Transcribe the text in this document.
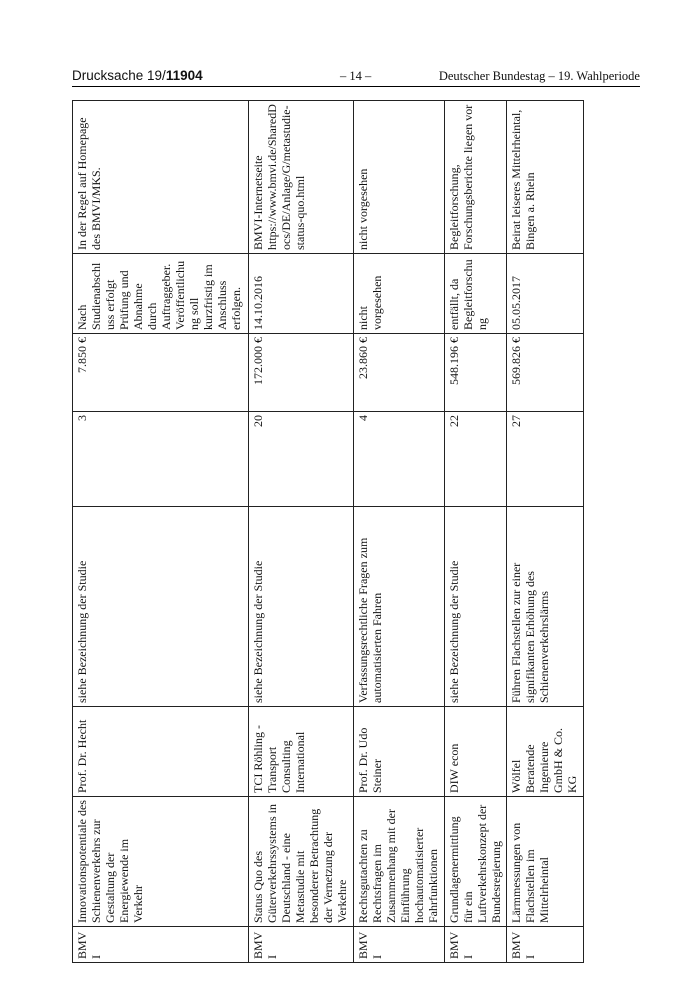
Drucksache 19/11904	– 14 –	Deutscher Bundestag – 19. Wahlperiode
BMVI	Innovationspotentiale des Schienenverkehrs zur Gestaltung der Energiewende im Verkehr	Prof. Dr. Hecht	siehe Bezeichnung der Studie	3	7.850 €	Nach Studienabschluss erfolgt Prüfung und Abnahme durch Auftraggeber. Veröffentlichung soll kurzfristig im Anschluss erfolgen.	In der Regel auf Homepage des BMVI/MKS.
BMVI	Status Quo des Güterverkehrssystems in Deutschland - eine Metastudie mit besonderer Betrachtung der Vernetzung der Verkehre	TCI Röhling - Transport Consulting International	siehe Bezeichnung der Studie	20	172.000 €	14.10.2016	BMVI-Internetseite https://www.bmvi.de/SharedDocs/DE/Anlage/G/metastudie-status-quo.html
BMVI	Rechtsgutachten zu Rechtsfragen im Zusammenhang mit der Einführung hochautomatisierter Fahrfunktionen	Prof. Dr. Udo Steiner	Verfassungsrechtliche Fragen zum automatisierten Fahren	4	23.860 €	nicht vorgesehen	nicht vorgesehen
BMVI	Grundlagenermittlung für ein Luftverkehrskonzept der Bundesregierung	DIW econ	siehe Bezeichnung der Studie	22	548.196 €	entfällt, da Begleitforschung	Begleitforschung, Forschungsberichte liegen vor
BMVI	Lärmmessungen von Flachstellen im Mittelrheintal	Wölfel Beratende Ingenieure GmbH & Co. KG	Führen Flachstellen zur einer signifikanten Erhöhung des Schienenverkehrslärms	27	569.826 €	05.05.2017	Beirat leiseres Mittelrheintal, Bingen a. Rhein
